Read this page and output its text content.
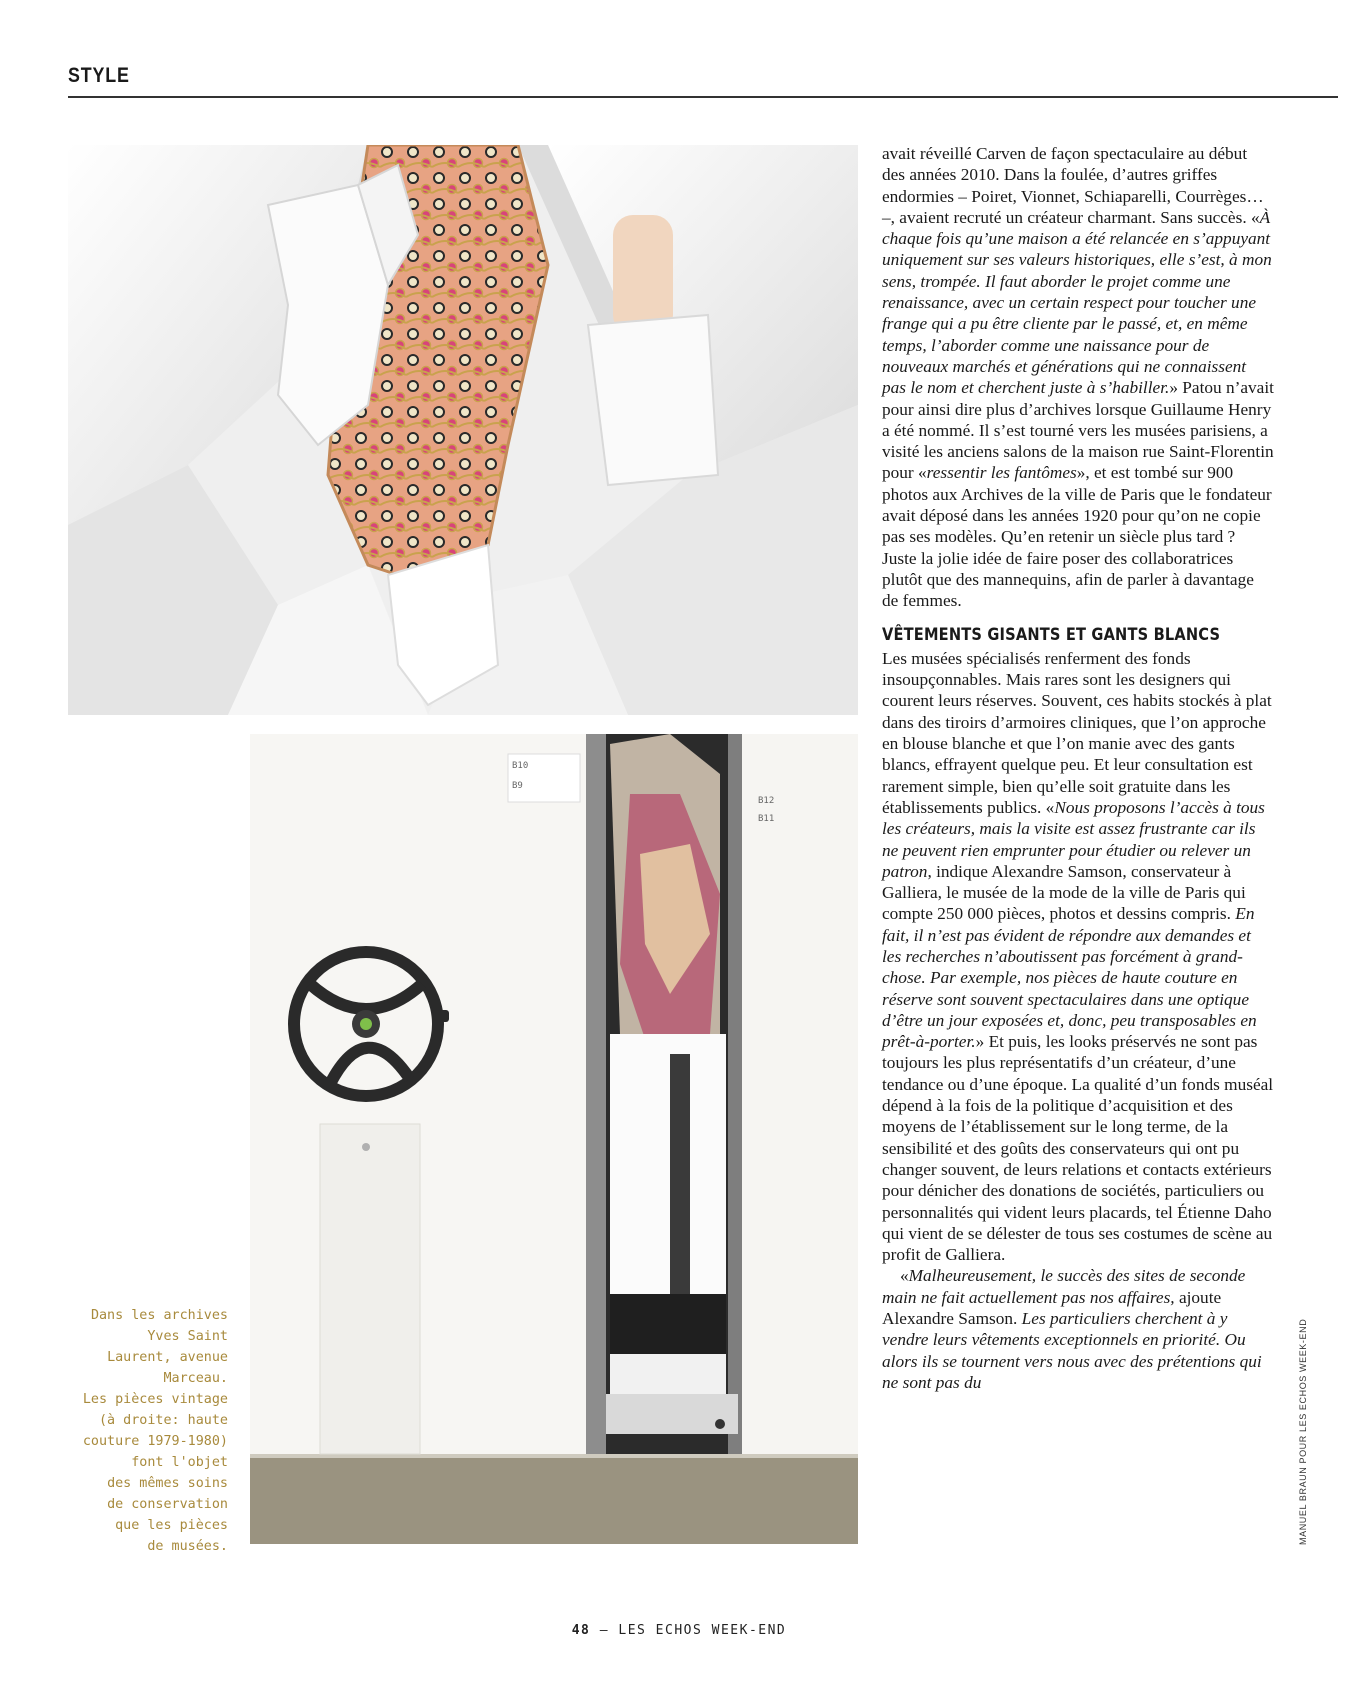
STYLE
B10
B9
B12
B11
Dans les archives
Yves Saint
Laurent, avenue
Marceau.
Les pièces vintage
(à droite: haute
couture 1979-1980)
font l'objet
des mêmes soins
de conservation
que les pièces
de musées.

avait réveillé Carven de façon spectaculaire au début des années 2010. Dans la foulée, d’autres griffes endormies – Poiret, Vionnet, Schiaparelli, Courrèges… –, avaient recruté un créateur charmant. Sans succès. «À chaque fois qu’une maison a été relancée en s’appuyant uniquement sur ses valeurs historiques, elle s’est, à mon sens, trompée. Il faut aborder le projet comme une renaissance, avec un certain respect pour toucher une frange qui a pu être cliente par le passé, et, en même temps, l’aborder comme une naissance pour de nouveaux marchés et générations qui ne connaissent pas le nom et cherchent juste à s’habiller.» Patou n’avait pour ainsi dire plus d’archives lorsque Guillaume Henry a été nommé. Il s’est tourné vers les musées parisiens, a visité les anciens salons de la maison rue Saint-Florentin pour «ressentir les fantômes», et est tombé sur 900 photos aux Archives de la ville de Paris que le fondateur avait déposé dans les années 1920 pour qu’on ne copie pas ses modèles. Qu’en retenir un siècle plus tard ? Juste la jolie idée de faire poser des collaboratrices plutôt que des mannequins, afin de parler à davantage de femmes.

VÊTEMENTS GISANTS ET GANTS BLANCS

Les musées spécialisés renferment des fonds insoupçonnables. Mais rares sont les designers qui courent leurs réserves. Souvent, ces habits stockés à plat dans des tiroirs d’armoires cliniques, que l’on approche en blouse blanche et que l’on manie avec des gants blancs, effrayent quelque peu. Et leur consultation est rarement simple, bien qu’elle soit gratuite dans les établissements publics. «Nous proposons l’accès à tous les créateurs, mais la visite est assez frustrante car ils ne peuvent rien emprunter pour étudier ou relever un patron, indique Alexandre Samson, conservateur à Galliera, le musée de la mode de la ville de Paris qui compte 250 000 pièces, photos et dessins compris. En fait, il n’est pas évident de répondre aux demandes et les recherches n’aboutissent pas forcément à grand-chose. Par exemple, nos pièces de haute couture en réserve sont souvent spectaculaires dans une optique d’être un jour exposées et, donc, peu transposables en prêt-à-porter.» Et puis, les looks préservés ne sont pas toujours les plus représentatifs d’un créateur, d’une tendance ou d’une époque. La qualité d’un fonds muséal dépend à la fois de la politique d’acquisition et des moyens de l’établissement sur le long terme, de la sensibilité et des goûts des conservateurs qui ont pu changer souvent, de leurs relations et contacts extérieurs pour dénicher des donations de sociétés, particuliers ou personnalités qui vident leurs placards, tel Étienne Daho qui vient de se délester de tous ses costumes de scène au profit de Galliera.

«Malheureusement, le succès des sites de seconde main ne fait actuellement pas nos affaires, ajoute Alexandre Samson. Les particuliers cherchent à y vendre leurs vêtements exceptionnels en priorité. Ou alors ils se tournent vers nous avec des prétentions qui ne sont pas du	MANUEL BRAUN POUR LES ECHOS WEEK-END
48 – LES ECHOS WEEK-END
